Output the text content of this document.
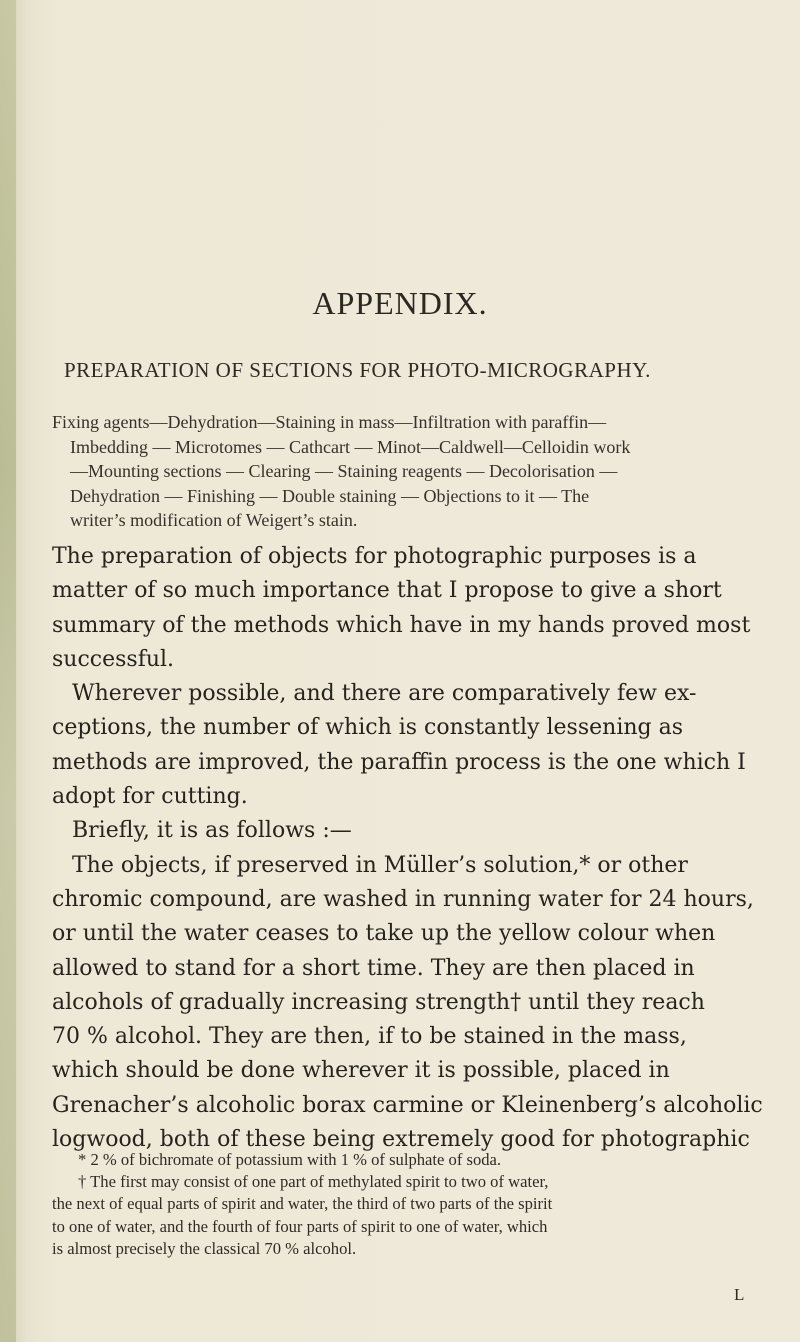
APPENDIX.
PREPARATION OF SECTIONS FOR PHOTO-MICROGRAPHY.
Fixing agents—Dehydration—Staining in mass—Infiltration with paraffin—
Imbedding — Microtomes — Cathcart — Minot—Caldwell—Celloidin work
—Mounting sections — Clearing — Staining reagents — Decolorisation —
Dehydration — Finishing — Double staining — Objections to it — The
writer’s modification of Weigert’s stain.
The preparation of objects for photographic purposes is a
matter of so much importance that I propose to give a short
summary of the methods which have in my hands proved most
successful.
Wherever possible, and there are comparatively few ex-
ceptions, the number of which is constantly lessening as
methods are improved, the paraffin process is the one which I
adopt for cutting.
Briefly, it is as follows :—
The objects, if preserved in Müller’s solution,* or other
chromic compound, are washed in running water for 24 hours,
or until the water ceases to take up the yellow colour when
allowed to stand for a short time. They are then placed in
alcohols of gradually increasing strength† until they reach
70 % alcohol. They are then, if to be stained in the mass,
which should be done wherever it is possible, placed in
Grenacher’s alcoholic borax carmine or Kleinenberg’s alcoholic
logwood, both of these being extremely good for photographic
* 2 % of bichromate of potassium with 1 % of sulphate of soda.
† The first may consist of one part of methylated spirit to two of water,
the next of equal parts of spirit and water, the third of two parts of the spirit
to one of water, and the fourth of four parts of spirit to one of water, which
is almost precisely the classical 70 % alcohol.
L
